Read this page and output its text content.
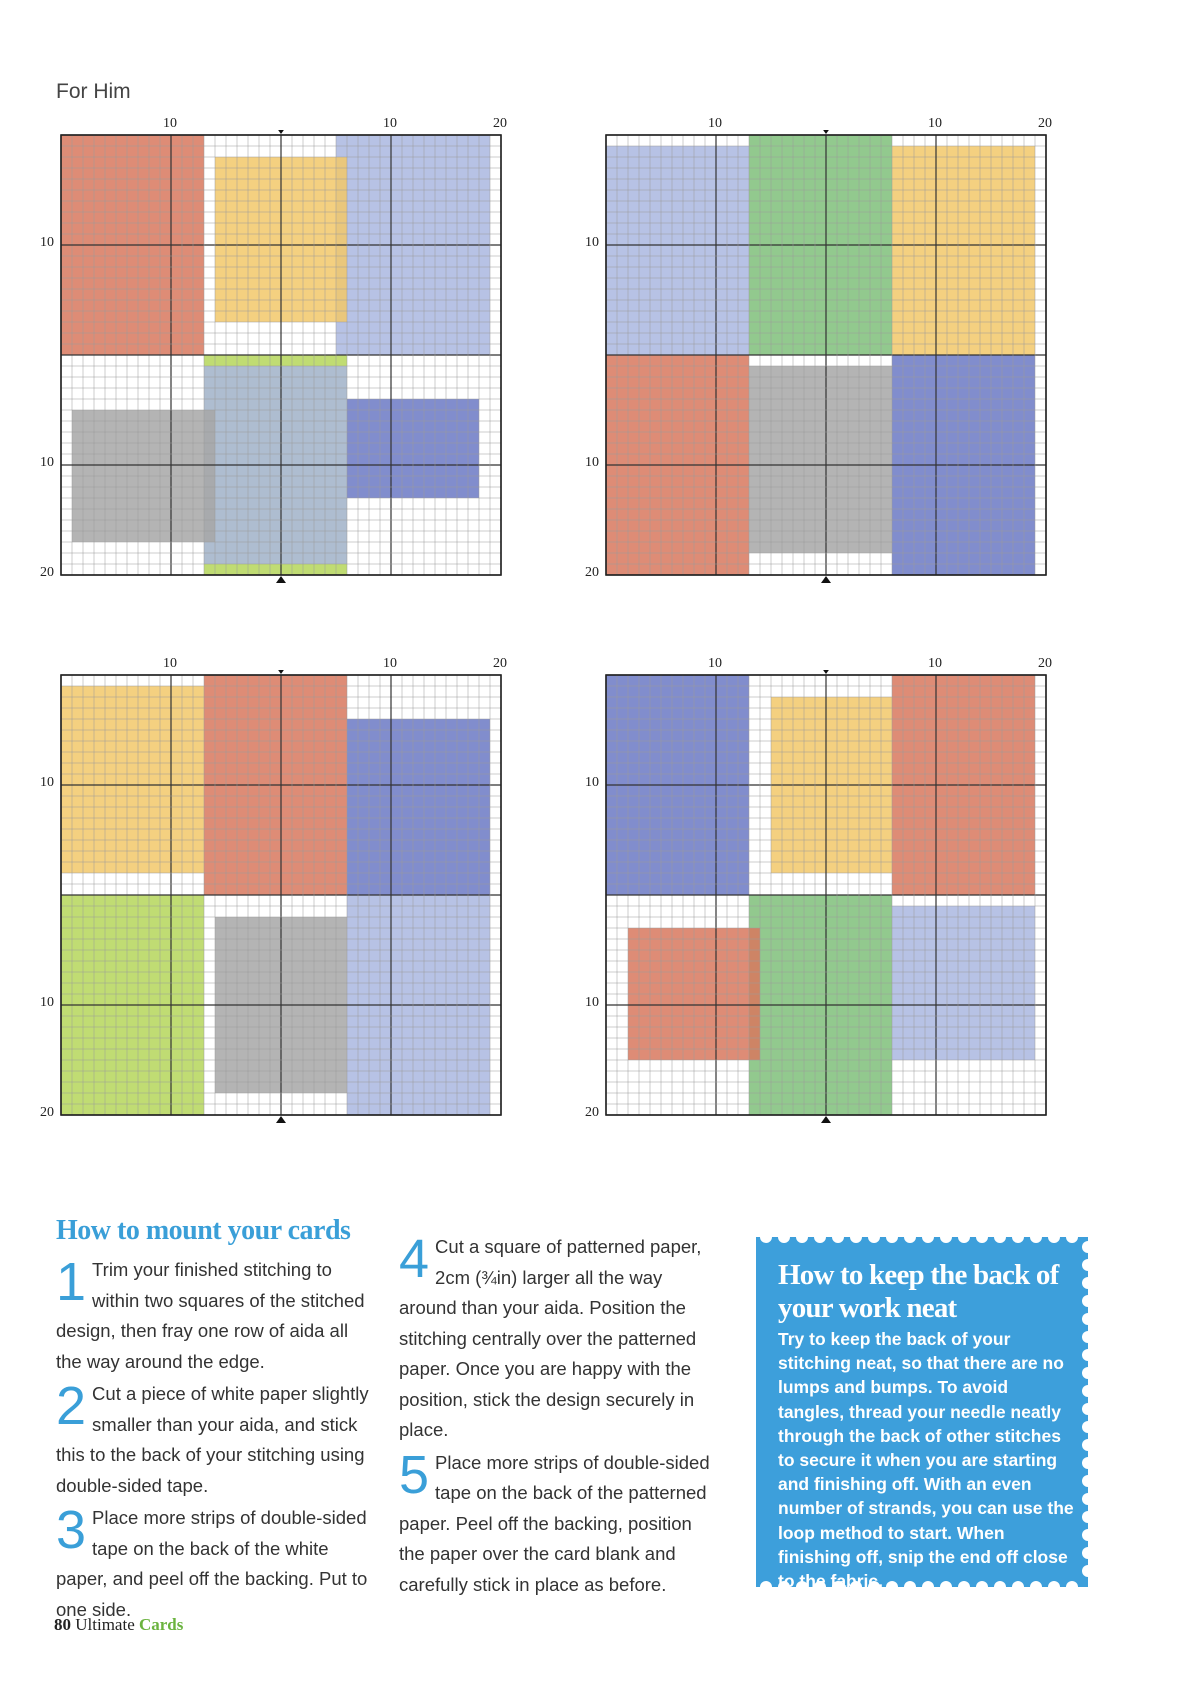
For Him
10	10	20
10
10
20
10	10	20
10
10
20
10	10	20
10
10
20
10	10	20
10
10
20
How to mount your cards

1 Trim your finished stitching to within two squares of the stitched design, then fray one row of aida all the way around the edge.

2 Cut a piece of white paper slightly smaller than your aida, and stick this to the back of your stitching using double-sided tape.

3 Place more strips of double-sided tape on the back of the white paper, and peel off the backing. Put to one side.

4 Cut a square of patterned paper, 2cm (¾in) larger all the way around than your aida. Position the stitching centrally over the patterned paper. Once you are happy with the position, stick the design securely in place.

5 Place more strips of double-sided tape on the back of the patterned paper. Peel off the backing, position the paper over the card blank and carefully stick in place as before.

How to keep the back of your work neat

Try to keep the back of your stitching neat, so that there are no lumps and bumps. To avoid tangles, thread your needle neatly through the back of other stitches to secure it when you are starting and finishing off. With an even number of strands, you can use the loop method to start. When finishing off, snip the end off close to the fabric.

80 Ultimate Cards
